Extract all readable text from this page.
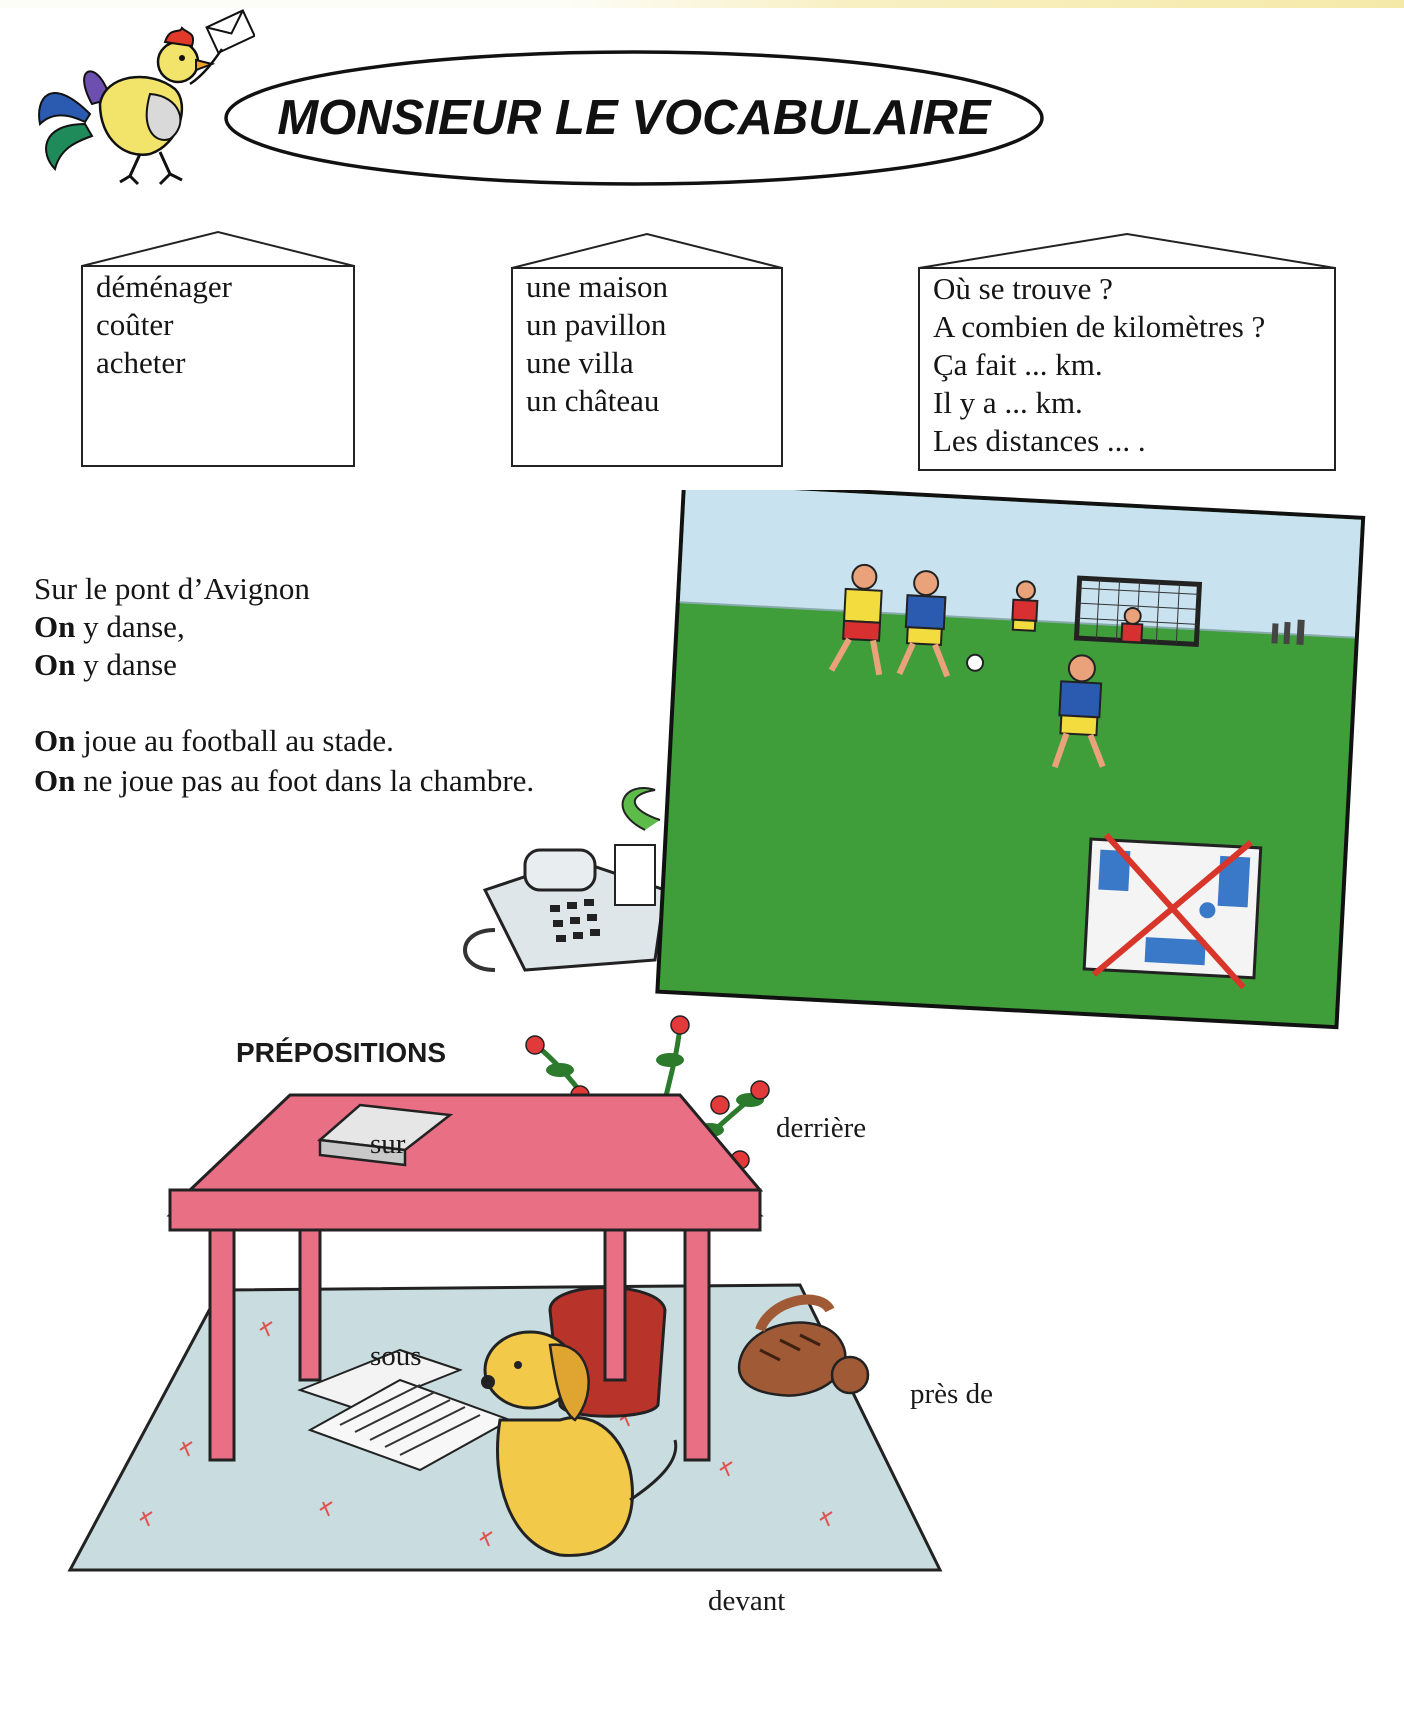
MONSIEUR LE VOCABULAIRE
déménager
coûter
acheter
une maison
un pavillon
une villa
un château
Où se trouve ?
A combien de kilomètres ?
Ça fait ... km.
Il y a ... km.
Les distances ... .
Sur le pont d’Avignon
On y danse,
On y danse
On joue au football au stade.
On ne joue pas au foot dans la chambre.
PRÉPOSITIONS
sur	derrière
sous
près de
devant
